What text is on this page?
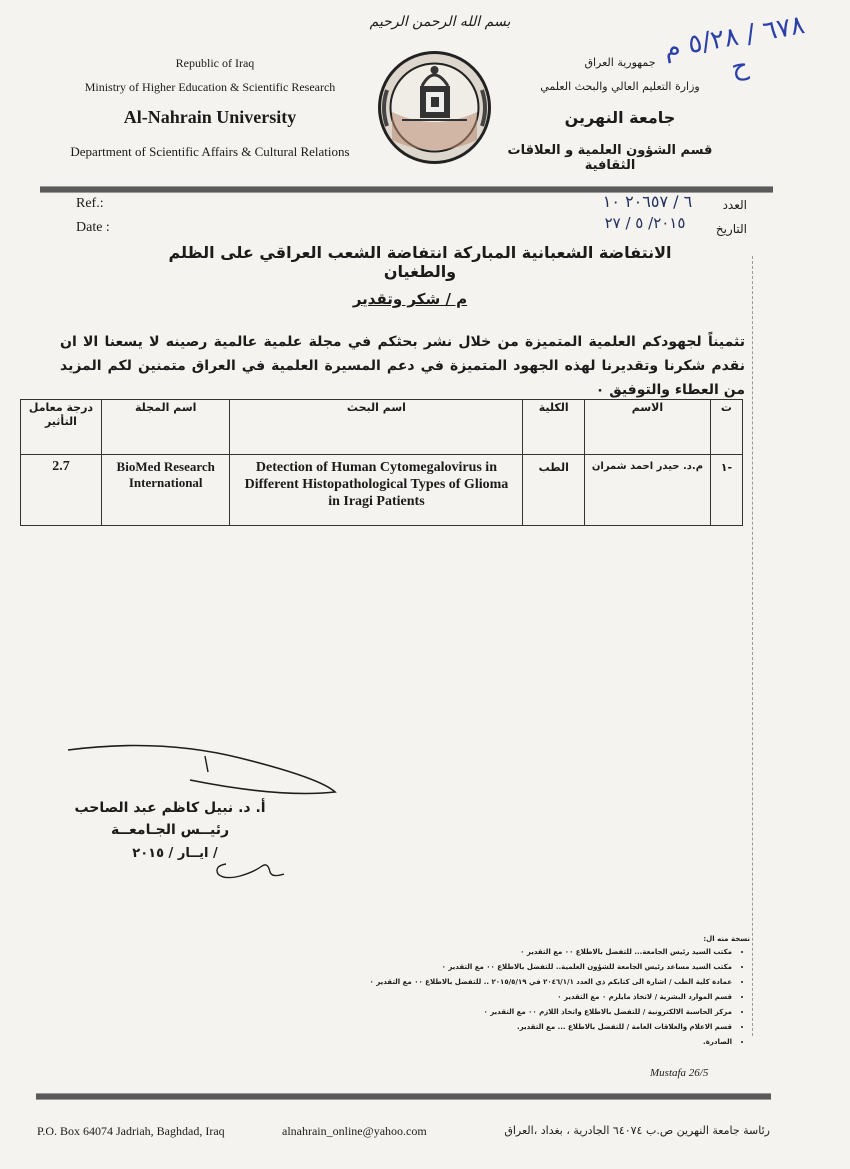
بسم الله الرحمن الرحيم
Republic of Iraq
Ministry of Higher Education & Scientific Research
Al-Nahrain University
Department of Scientific Affairs & Cultural Relations
جمهورية العراق
وزارة التعليم العالي والبحث العلمي
جامعة النهرين
قسم الشؤون العلمية و العلاقات الثقافية
٦٧٨ / ٥/٢٨ م ح
Ref.:
Date :
العدد
التاريخ
٦ / ٢٠٦٥٧ ١٠
٢٠١٥/ ٥ / ٢٧
الانتفاضة الشعبانية المباركة انتفاضة الشعب العراقي على الظلم والطغيان
م / شكر وتقدير
تثميناً لجهودكم العلمية المتميزة من خلال نشر بحثكم في مجلة علمية عالمية رصينه لا يسعنا الا ان نقدم شكرنا وتقديرنا لهذه الجهود المتميزة في دعم المسيرة العلمية في العراق متمنين لكم المزيد من العطاء والتوفيق ٠
ت	الاسم	الكلية	اسم البحث	اسم المجلة	درجة معامل التأثير
-١	م.د. حيدر احمد شمران	الطب	Detection of Human Cytomegalovirus in Different Histopathological Types of Glioma in Iragi Patients	BioMed Research International	2.7
أ. د. نبيل كاظم عبد الصاحب
رئيــس الجـامعــة
/ ايــار / ٢٠١٥
نسخة منه ال:
• مكتب السيد رئيس الجامعة... للتفضل بالاطلاع ٠٠ مع التقدير ٠
• مكتب السيد مساعد رئيس الجامعة للشؤون العلمية.. للتفضل بالاطلاع ٠٠ مع التقدير ٠
• عمادة كلية الطب / اشارة الى كتابكم ذي العدد ٢٠٤٦/١/١ في ٢٠١٥/٥/١٩ .. للتفضل بالاطلاع ٠٠ مع التقدير ٠
• قسم الموارد البشرية / لاتخاذ مايلزم ٠ مع التقدير ٠
• مركز الحاسبة الالكترونية / للتفضل بالاطلاع واتخاذ اللازم ٠٠ مع التقدير ٠
• قسم الاعلام والعلاقات العامة / للتفضل بالاطلاع ... مع التقدير.
• الصادرة.
Mustafa 26/5
P.O. Box 64074 Jadriah, Baghdad, Iraq	alnahrain_online@yahoo.com	رئاسة جامعة النهرين ص.ب ٦٤٠٧٤ الجادرية ، بغداد ،العراق
